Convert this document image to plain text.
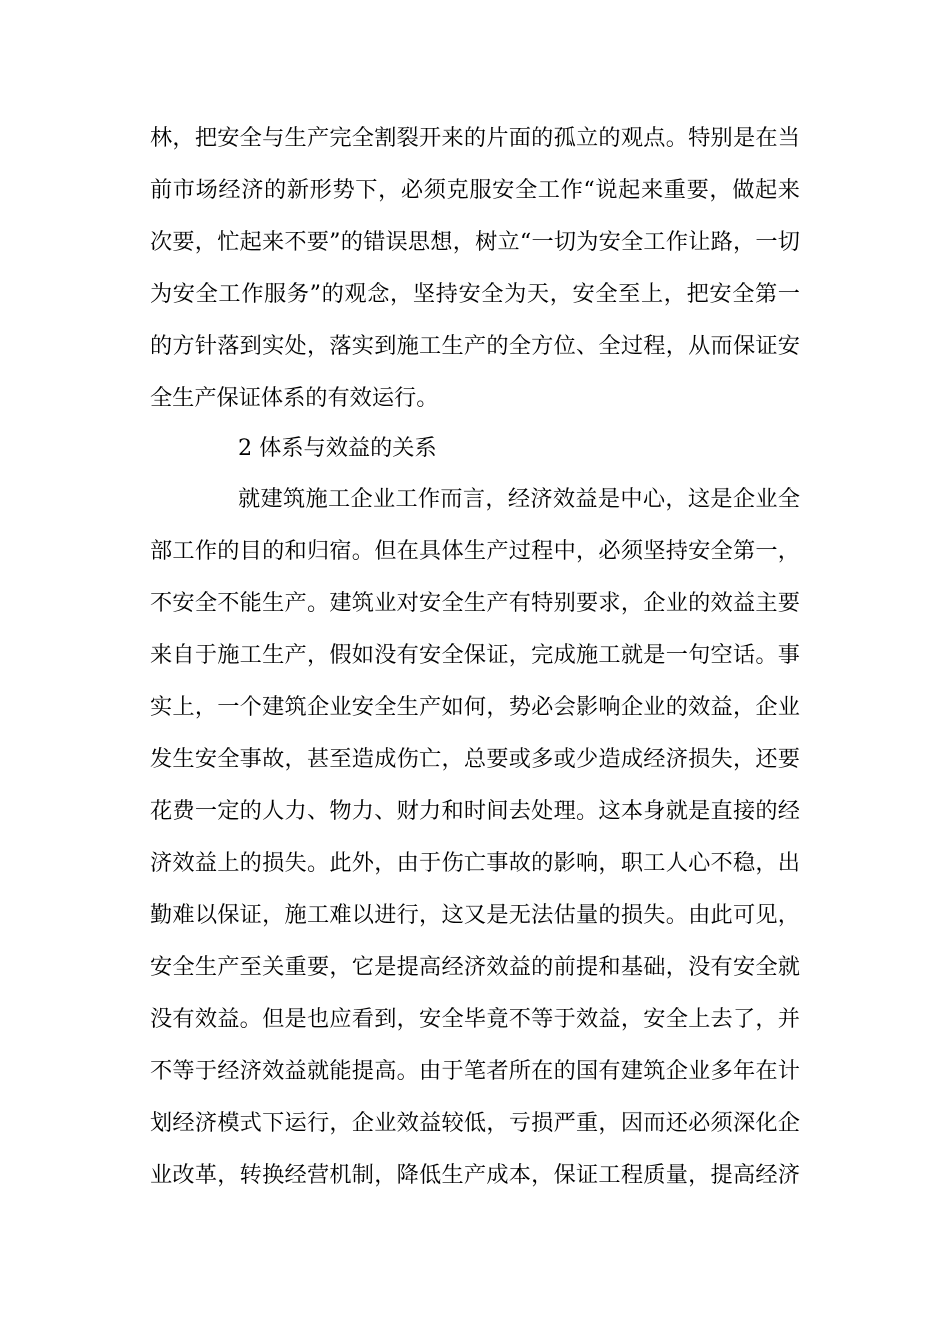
林，把安全与生产完全割裂开来的片面的孤立的观点。特别是在当
前市场经济的新形势下，必须克服安全工作“说起来重要，做起来
次要，忙起来不要”的错误思想，树立“一切为安全工作让路，一切
为安全工作服务”的观念，坚持安全为天，安全至上，把安全第一
的方针落到实处，落实到施工生产的全方位、全过程，从而保证安
全生产保证体系的有效运行。
2 体系与效益的关系
就建筑施工企业工作而言，经济效益是中心，这是企业全
部工作的目的和归宿。但在具体生产过程中，必须坚持安全第一，
不安全不能生产。建筑业对安全生产有特别要求，企业的效益主要
来自于施工生产，假如没有安全保证，完成施工就是一句空话。事
实上，一个建筑企业安全生产如何，势必会影响企业的效益，企业
发生安全事故，甚至造成伤亡，总要或多或少造成经济损失，还要
花费一定的人力、物力、财力和时间去处理。这本身就是直接的经
济效益上的损失。此外，由于伤亡事故的影响，职工人心不稳，出
勤难以保证，施工难以进行，这又是无法估量的损失。由此可见，
安全生产至关重要，它是提高经济效益的前提和基础，没有安全就
没有效益。但是也应看到，安全毕竟不等于效益，安全上去了，并
不等于经济效益就能提高。由于笔者所在的国有建筑企业多年在计
划经济模式下运行，企业效益较低，亏损严重，因而还必须深化企
业改革，转换经营机制，降低生产成本，保证工程质量，提高经济
